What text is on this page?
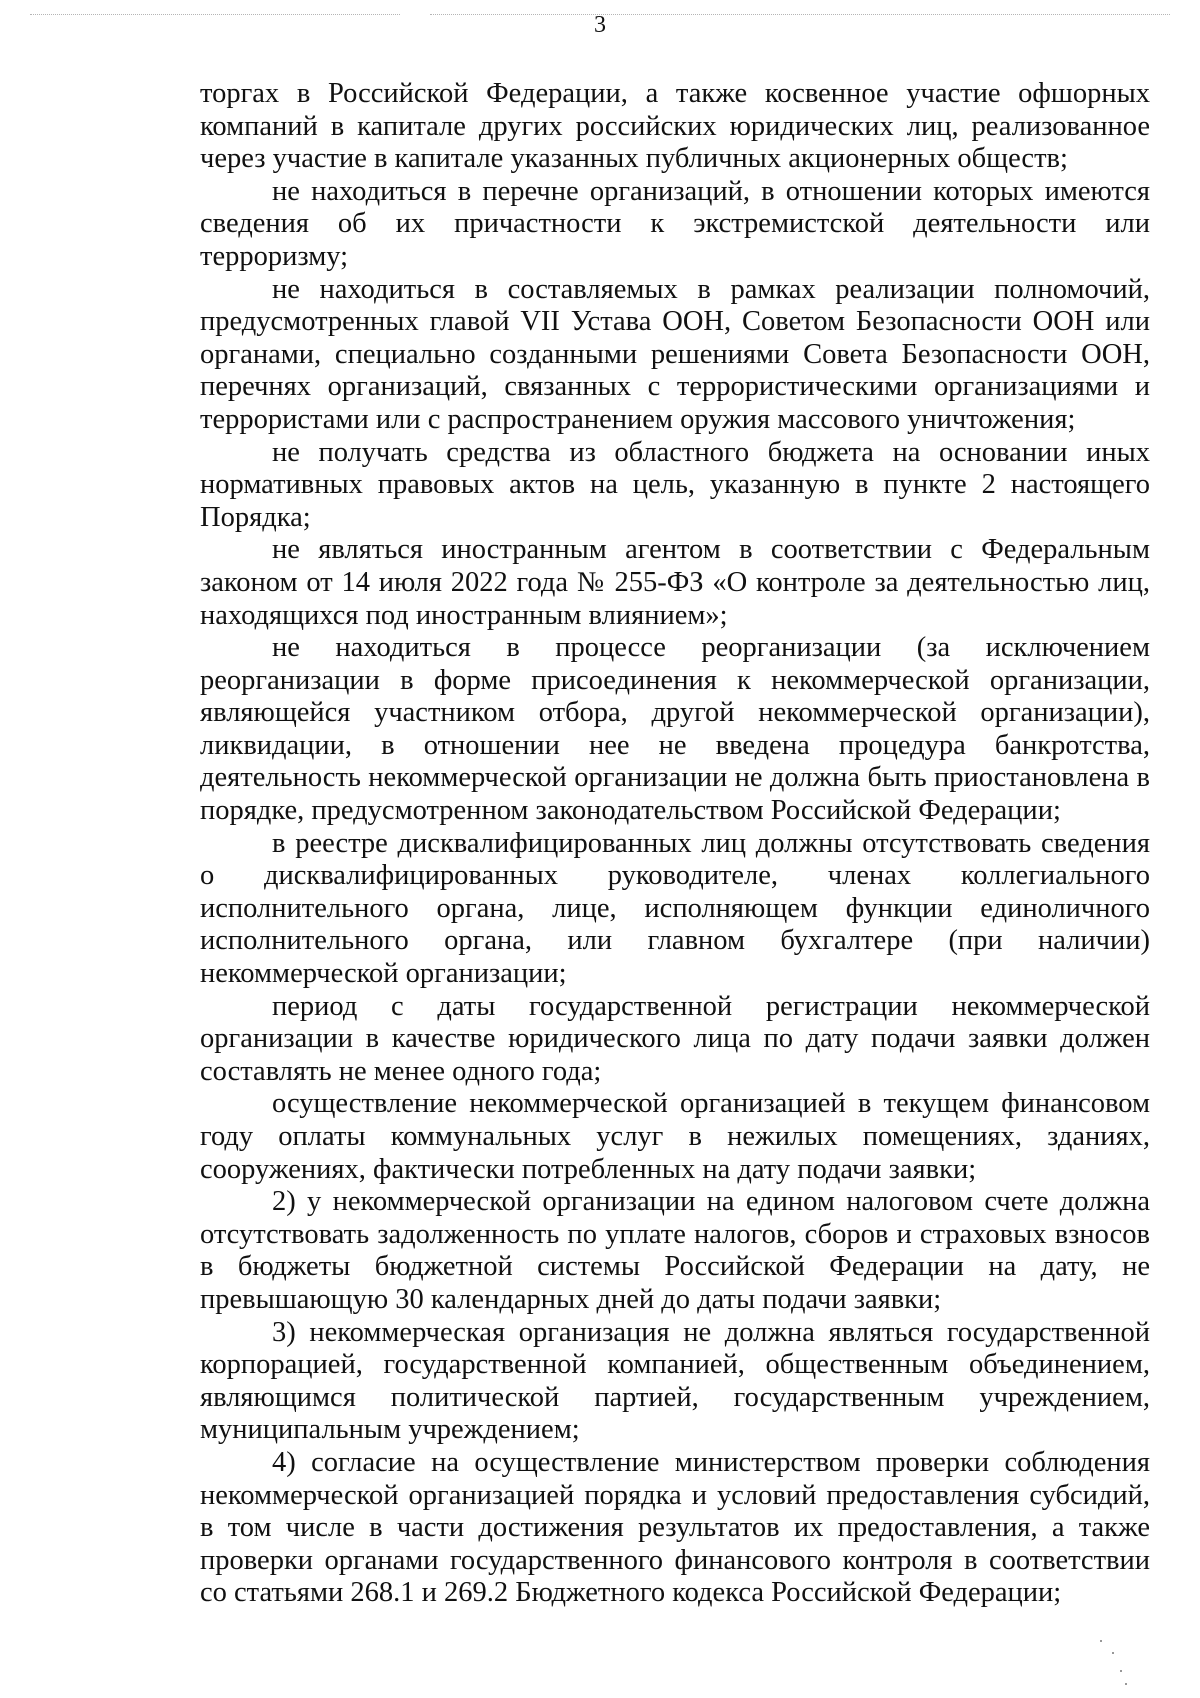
3

торгах в Российской Федерации, а также косвенное участие офшорных компаний в капитале других российских юридических лиц, реализованное через участие в капитале указанных публичных акционерных обществ;

не находиться в перечне организаций, в отношении которых имеются сведения об их причастности к экстремистской деятельности или терроризму;

не находиться в составляемых в рамках реализации полномочий, предусмотренных главой VII Устава ООН, Советом Безопасности ООН или органами, специально созданными решениями Совета Безопасности ООН, перечнях организаций, связанных с террористическими организациями и террористами или с распространением оружия массового уничтожения;

не получать средства из областного бюджета на основании иных нормативных правовых актов на цель, указанную в пункте 2 настоящего Порядка;

не являться иностранным агентом в соответствии с Федеральным законом от 14 июля 2022 года № 255-ФЗ «О контроле за деятельностью лиц, находящихся под иностранным влиянием»;

не находиться в процессе реорганизации (за исключением реорганизации в форме присоединения к некоммерческой организации, являющейся участником отбора, другой некоммерческой организации), ликвидации, в отношении нее не введена процедура банкротства, деятельность некоммерческой организации не должна быть приостановлена в порядке, предусмотренном законодательством Российской Федерации;

в реестре дисквалифицированных лиц должны отсутствовать сведения о дисквалифицированных руководителе, членах коллегиального исполнительного органа, лице, исполняющем функции единоличного исполнительного органа, или главном бухгалтере (при наличии) некоммерческой организации;

период с даты государственной регистрации некоммерческой организации в качестве юридического лица по дату подачи заявки должен составлять не менее одного года;

осуществление некоммерческой организацией в текущем финансовом году оплаты коммунальных услуг в нежилых помещениях, зданиях, сооружениях, фактически потребленных на дату подачи заявки;

2) у некоммерческой организации на едином налоговом счете должна отсутствовать задолженность по уплате налогов, сборов и страховых взносов в бюджеты бюджетной системы Российской Федерации на дату, не превышающую 30 календарных дней до даты подачи заявки;

3) некоммерческая организация не должна являться государственной корпорацией, государственной компанией, общественным объединением, являющимся политической партией, государственным учреждением, муниципальным учреждением;

4) согласие на осуществление министерством проверки соблюдения некоммерческой организацией порядка и условий предоставления субсидий, в том числе в части достижения результатов их предоставления, а также проверки органами государственного финансового контроля в соответствии со статьями 268.1 и 269.2 Бюджетного кодекса Российской Федерации;
